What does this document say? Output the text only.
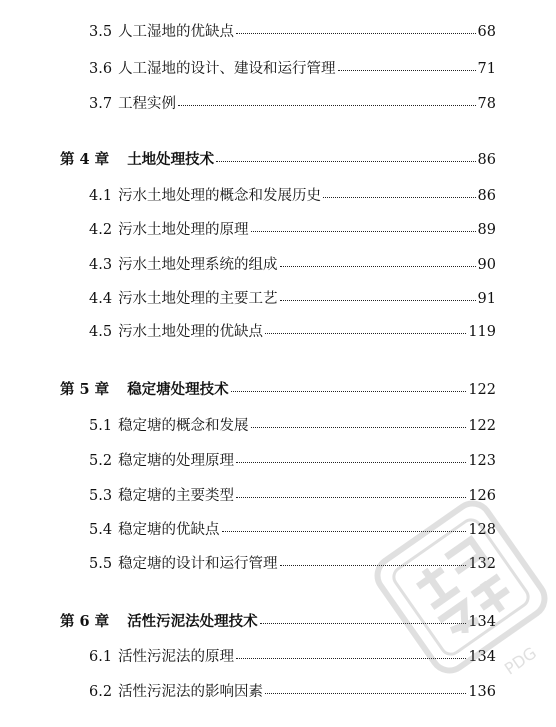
3.5 人工湿地的优缺点	68
3.6 人工湿地的设计、建设和运行管理	71
3.7 工程实例	78
第 4 章 土地处理技术	86
4.1 污水土地处理的概念和发展历史	86
4.2 污水土地处理的原理	89
4.3 污水土地处理系统的组成	90
4.4 污水土地处理的主要工艺	91
4.5 污水土地处理的优缺点	119
第 5 章 稳定塘处理技术	122
5.1 稳定塘的概念和发展	122
5.2 稳定塘的处理原理	123
5.3 稳定塘的主要类型	126
5.4 稳定塘的优缺点	128
5.5 稳定塘的设计和运行管理	132
第 6 章 活性污泥法处理技术	134
6.1 活性污泥法的原理	134
6.2 活性污泥法的影响因素	136
PDG
